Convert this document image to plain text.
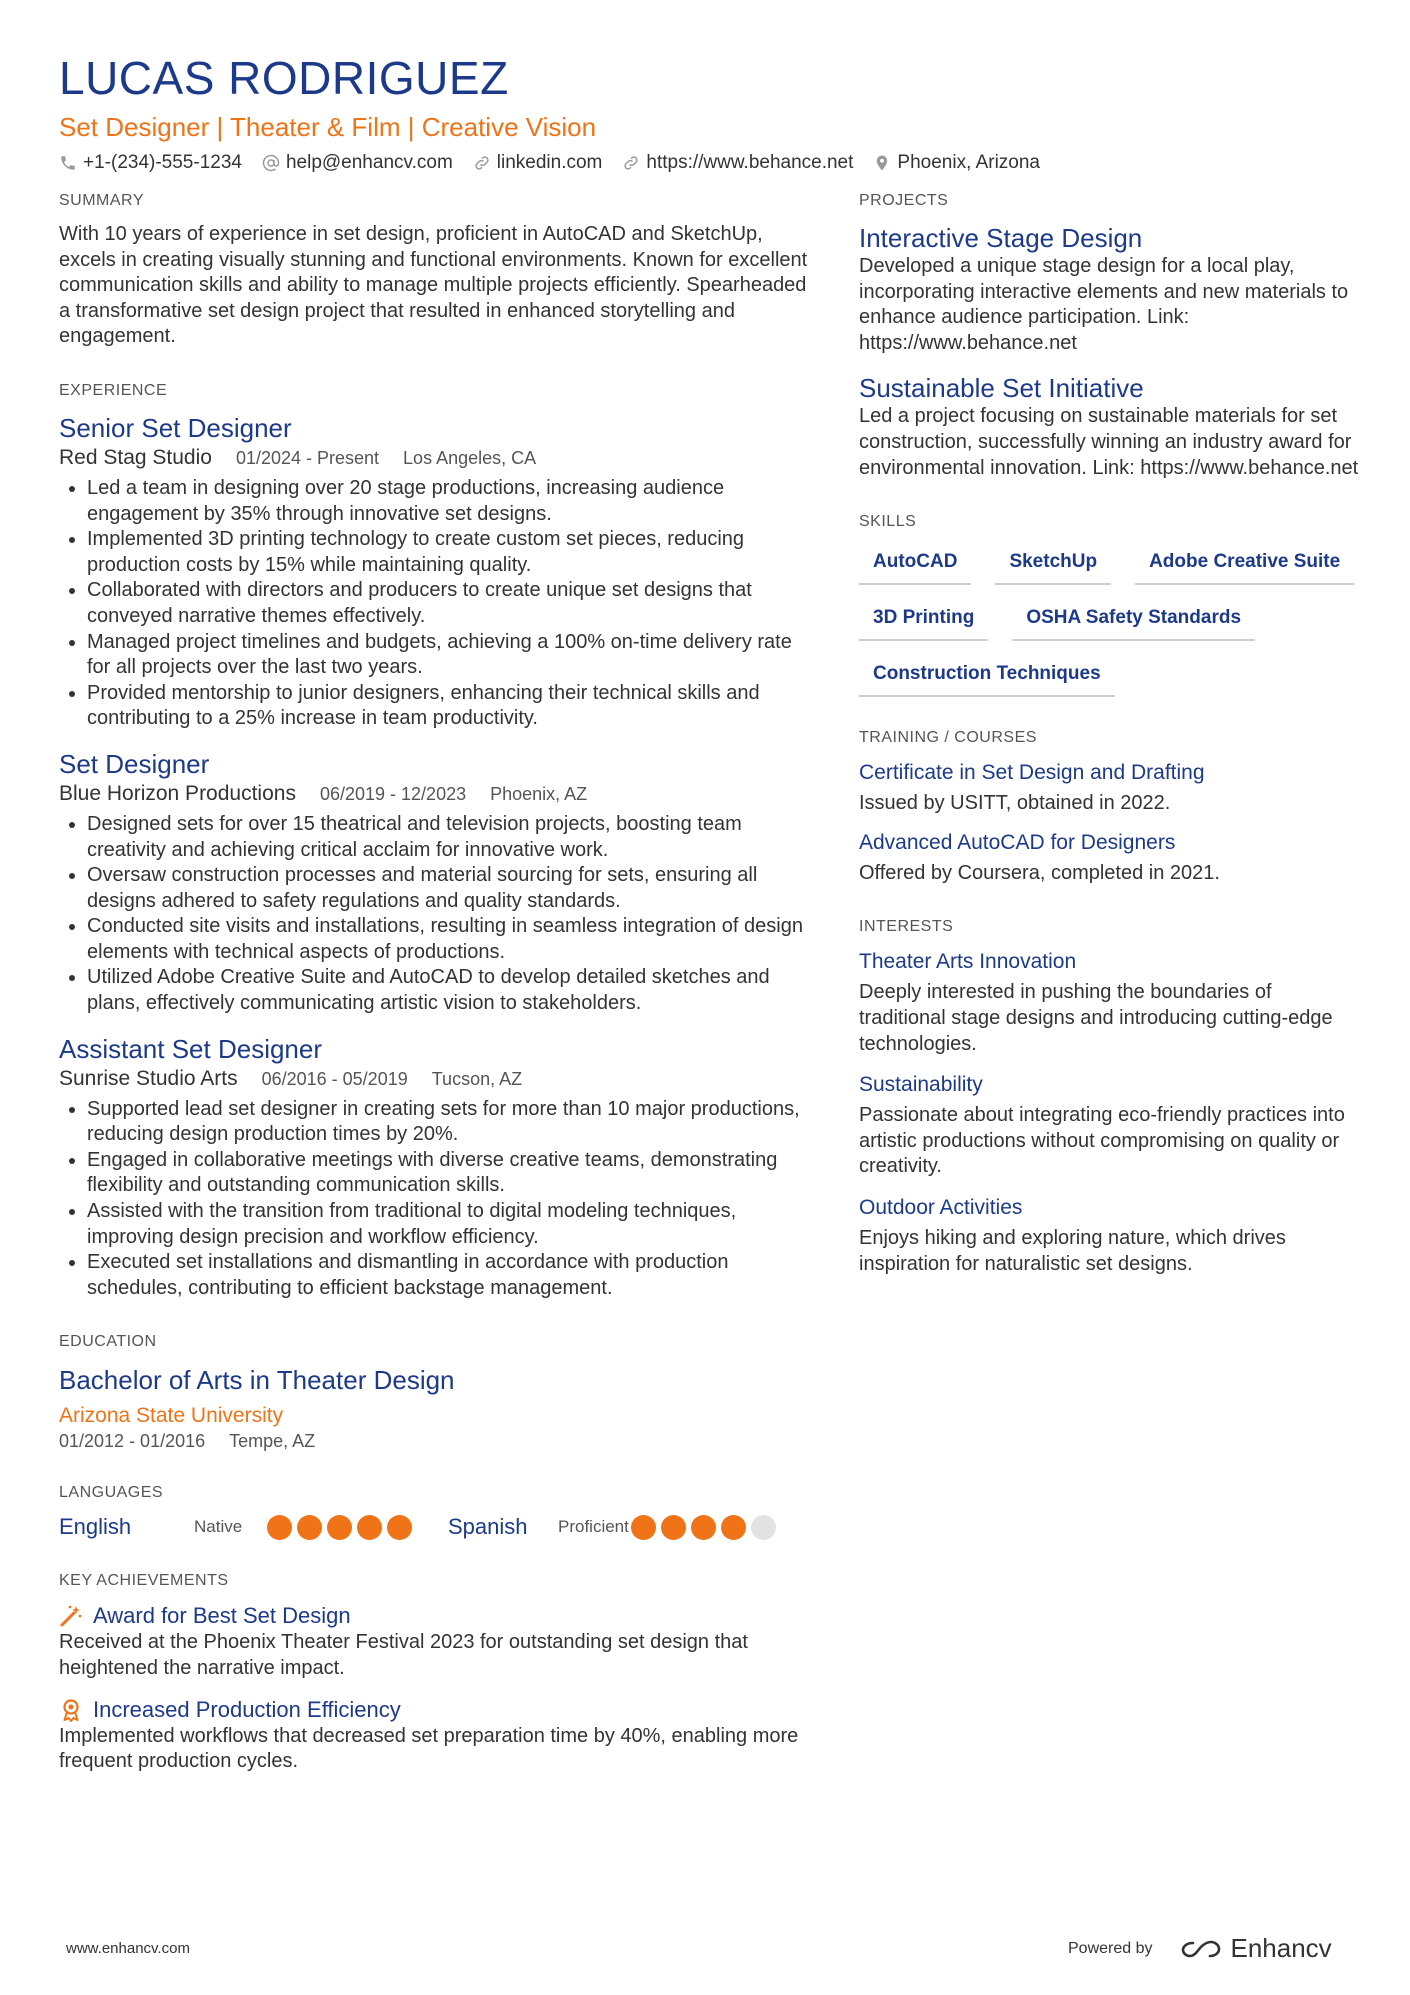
LUCAS RODRIGUEZ
Set Designer | Theater & Film | Creative Vision
+1-(234)-555-1234 help@enhancv.com linkedin.com https://www.behance.net Phoenix, Arizona
SUMMARY

With 10 years of experience in set design, proficient in AutoCAD and SketchUp, excels in creating visually stunning and functional environments. Known for excellent communication skills and ability to manage multiple projects efficiently. Spearheaded a transformative set design project that resulted in enhanced storytelling and engagement.

EXPERIENCE
Senior Set Designer
Red Stag Studio 01/2024 - Present Los Angeles, CA
• Led a team in designing over 20 stage productions, increasing audience engagement by 35% through innovative set designs.
• Implemented 3D printing technology to create custom set pieces, reducing production costs by 15% while maintaining quality.
• Collaborated with directors and producers to create unique set designs that conveyed narrative themes effectively.
• Managed project timelines and budgets, achieving a 100% on-time delivery rate for all projects over the last two years.
• Provided mentorship to junior designers, enhancing their technical skills and contributing to a 25% increase in team productivity.
Set Designer
Blue Horizon Productions 06/2019 - 12/2023 Phoenix, AZ
• Designed sets for over 15 theatrical and television projects, boosting team creativity and achieving critical acclaim for innovative work.
• Oversaw construction processes and material sourcing for sets, ensuring all designs adhered to safety regulations and quality standards.
• Conducted site visits and installations, resulting in seamless integration of design elements with technical aspects of productions.
• Utilized Adobe Creative Suite and AutoCAD to develop detailed sketches and plans, effectively communicating artistic vision to stakeholders.
Assistant Set Designer
Sunrise Studio Arts 06/2016 - 05/2019 Tucson, AZ
• Supported lead set designer in creating sets for more than 10 major productions, reducing design production times by 20%.
• Engaged in collaborative meetings with diverse creative teams, demonstrating flexibility and outstanding communication skills.
• Assisted with the transition from traditional to digital modeling techniques, improving design precision and workflow efficiency.
• Executed set installations and dismantling in accordance with production schedules, contributing to efficient backstage management.
EDUCATION
Bachelor of Arts in Theater Design
Arizona State University
01/2012 - 01/2016 Tempe, AZ
LANGUAGES
English	Native	Spanish	Proficient
KEY ACHIEVEMENTS
Award for Best Set Design

Received at the Phoenix Theater Festival 2023 for outstanding set design that heightened the narrative impact.

Increased Production Efficiency

Implemented workflows that decreased set preparation time by 40%, enabling more frequent production cycles.

PROJECTS
Interactive Stage Design

Developed a unique stage design for a local play, incorporating interactive elements and new materials to enhance audience participation. Link: https://www.behance.net

Sustainable Set Initiative

Led a project focusing on sustainable materials for set construction, successfully winning an industry award for environmental innovation. Link: https://www.behance.net

SKILLS
AutoCAD	SketchUp	Adobe Creative Suite
3D Printing	OSHA Safety Standards
Construction Techniques
TRAINING / COURSES
Certificate in Set Design and Drafting

Issued by USITT, obtained in 2022.

Advanced AutoCAD for Designers

Offered by Coursera, completed in 2021.

INTERESTS
Theater Arts Innovation

Deeply interested in pushing the boundaries of traditional stage designs and introducing cutting-edge technologies.

Sustainability

Passionate about integrating eco-friendly practices into artistic productions without compromising on quality or creativity.

Outdoor Activities

Enjoys hiking and exploring nature, which drives inspiration for naturalistic set designs.

www.enhancv.com	Powered by	Enhancv
